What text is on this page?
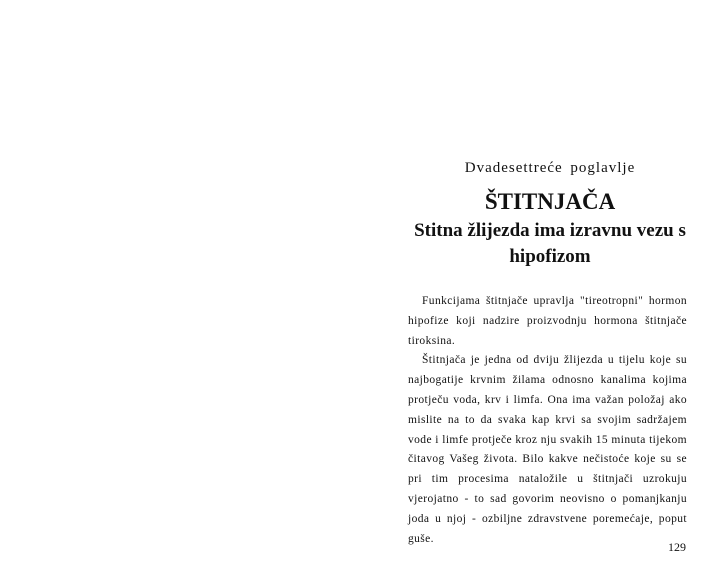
Dvadesettreće poglavlje
ŠTITNJAČA
Stitna žlijezda ima izravnu vezu s hipofizom

Funkcijama štitnjače upravlja "tireotropni" hormon hipofize koji nadzire proizvodnju hormona štitnjače tiroksina.

Štitnjača je jedna od dviju žlijezda u tijelu koje su najbogatije krvnim žilama odnosno kanalima kojima protječu voda, krv i limfa. Ona ima važan položaj ako mislite na to da svaka kap krvi sa svojim sadržajem vode i limfe protječe kroz nju svakih 15 minuta tijekom čitavog Vašeg života. Bilo kakve nečistoće koje su se pri tim procesima nataložile u štitnjači uzrokuju vjerojatno - to sad govorim neovisno o pomanjkanju joda u njoj - ozbiljne zdravstvene poremećaje, poput guše.

129
